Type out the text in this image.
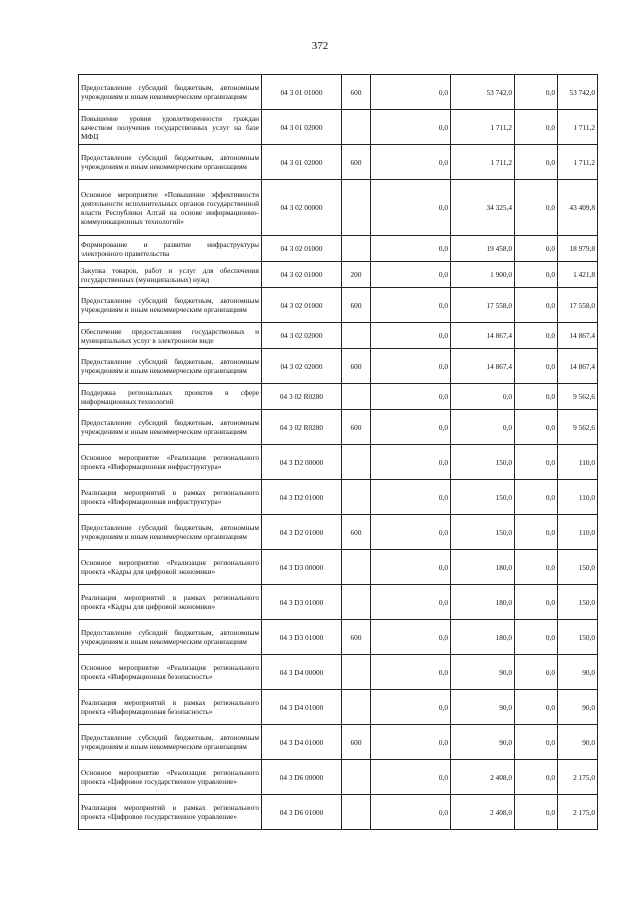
372
Предоставление субсидий бюджетным, автономным учреждениям и иным некоммерческим организациям	04 3 01 01000	600	0,0	53 742,0	0,0	53 742,0
Повышение уровня удовлетворенности граждан качеством получения государственных услуг на базе МФЦ	04 3 01 02000		0,0	1 711,2	0,0	1 711,2
Предоставление субсидий бюджетным, автономным учреждениям и иным некоммерческим организациям	04 3 01 02000	600	0,0	1 711,2	0,0	1 711,2
Основное мероприятие «Повышение эффективности деятельности исполнительных органов государственной власти Республики Алтай на основе информационно-коммуникационных технологий»	04 3 02 00000		0,0	34 325,4	0,0	43 409,8
Формирование и развитие инфраструктуры электронного правительства	04 3 02 01000		0,0	19 458,0	0,0	18 979,8
Закупка товаров, работ и услуг для обеспечения государственных (муниципальных) нужд	04 3 02 01000	200	0,0	1 900,0	0,0	1 421,8
Предоставление субсидий бюджетным, автономным учреждениям и иным некоммерческим организациям	04 3 02 01000	600	0,0	17 558,0	0,0	17 558,0
Обеспечение предоставления государственных и муниципальных услуг в электронном виде	04 3 02 02000		0,0	14 867,4	0,0	14 867,4
Предоставление субсидий бюджетным, автономным учреждениям и иным некоммерческим организациям	04 3 02 02000	600	0,0	14 867,4	0,0	14 867,4
Поддержка региональных проектов в сфере информационных технологий	04 3 02 R0280		0,0	0,0	0,0	9 562,6
Предоставление субсидий бюджетным, автономным учреждениям и иным некоммерческим организациям	04 3 02 R0280	600	0,0	0,0	0,0	9 562,6
Основное мероприятие «Реализация регионального проекта «Информационная инфраструктура»	04 3 D2 00000		0,0	150,0	0,0	110,0
Реализация мероприятий в рамках регионального проекта «Информационная инфраструктура»	04 3 D2 01000		0,0	150,0	0,0	110,0
Предоставление субсидий бюджетным, автономным учреждениям и иным некоммерческим организациям	04 3 D2 01000	600	0,0	150,0	0,0	110,0
Основное мероприятие «Реализация регионального проекта «Кадры для цифровой экономики»	04 3 D3 00000		0,0	180,0	0,0	150,0
Реализация мероприятий в рамках регионального проекта «Кадры для цифровой экономики»	04 3 D3 01000		0,0	180,0	0,0	150,0
Предоставление субсидий бюджетным, автономным учреждениям и иным некоммерческим организациям	04 3 D3 01000	600	0,0	180,0	0,0	150,0
Основное мероприятие «Реализация регионального проекта «Информационная безопасность»	04 3 D4 00000		0,0	90,0	0,0	90,0
Реализация мероприятий в рамках регионального проекта «Информационная безопасность»	04 3 D4 01000		0,0	90,0	0,0	90,0
Предоставление субсидий бюджетным, автономным учреждениям и иным некоммерческим организациям	04 3 D4 01000	600	0,0	90,0	0,0	90,0
Основное мероприятие «Реализация регионального проекта «Цифровое государственное управление»	04 3 D6 00000		0,0	2 408,0	0,0	2 175,0
Реализация мероприятий в рамках регионального проекта «Цифровое государственное управление»	04 3 D6 01000		0,0	2 408,0	0,0	2 175,0
